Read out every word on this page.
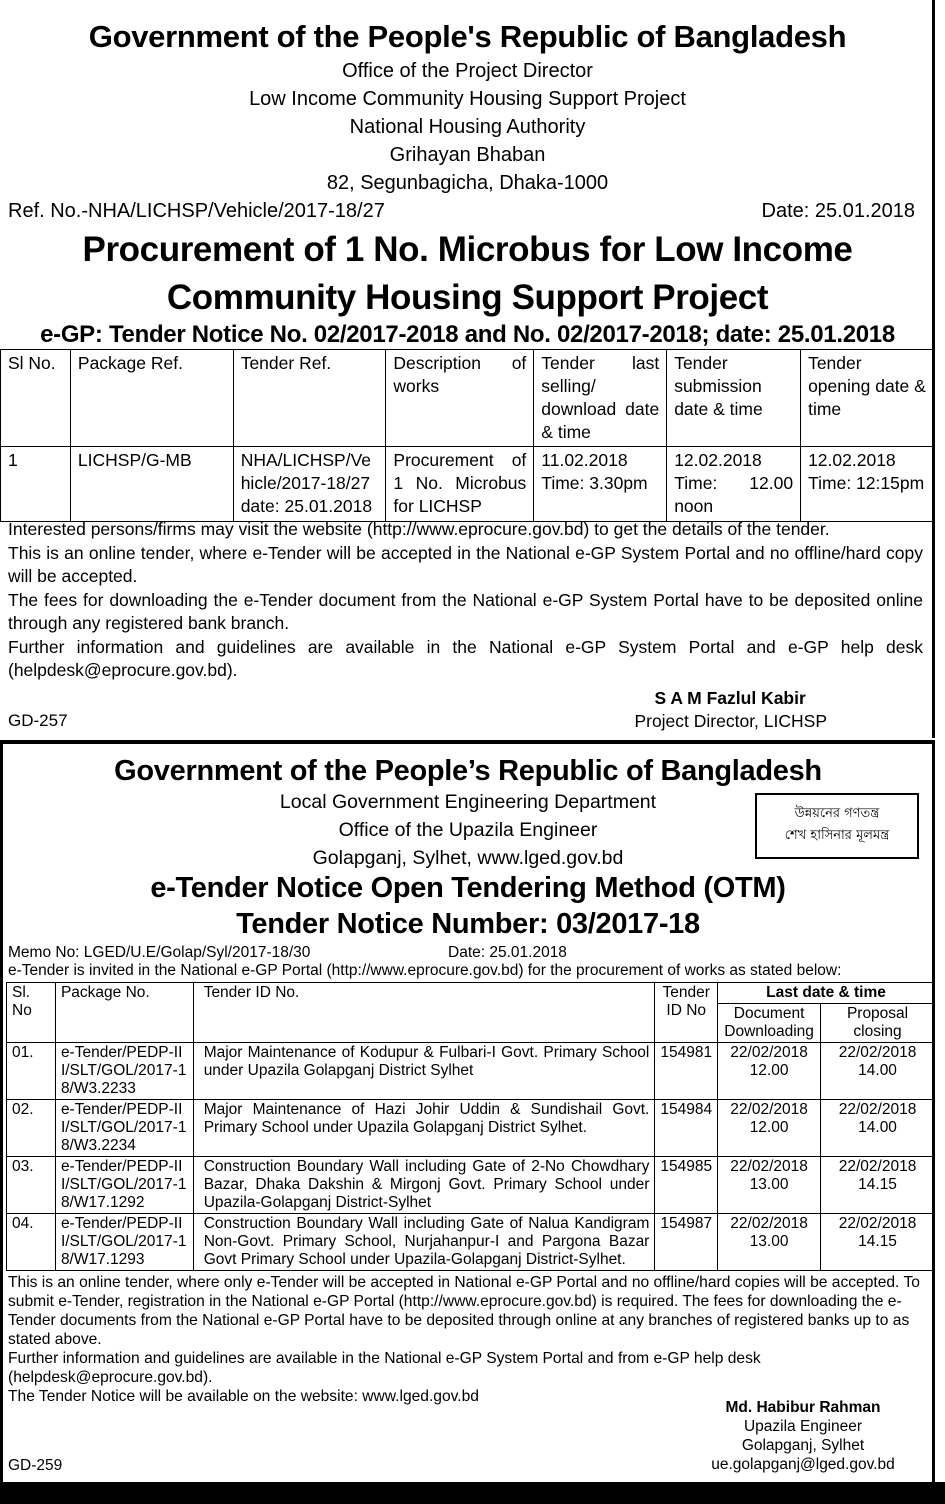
Government of the People's Republic of Bangladesh
Office of the Project Director
Low Income Community Housing Support Project
National Housing Authority
Grihayan Bhaban
82, Segunbagicha, Dhaka-1000
Ref. No.-NHA/LICHSP/Vehicle/2017-18/27	Date: 25.01.2018
Procurement of 1 No. Microbus for Low Income
Community Housing Support Project
e-GP: Tender Notice No. 02/2017-2018 and No. 02/2017-2018; date: 25.01.2018
Sl No.	Package Ref.	Tender Ref.	Description of works	Tender last selling/ download date & time	Tender submission date & time	Tender opening date & time
1	LICHSP/G-MB	NHA/LICHSP/Vehicle/2017-18/27 date: 25.01.2018	Procurement of 1 No. Microbus for LICHSP	11.02.2018 Time: 3.30pm	12.02.2018 Time: 12.00 noon	12.02.2018 Time: 12:15pm

Interested persons/firms may visit the website (http://www.eprocure.gov.bd) to get the details of the tender.

This is an online tender, where e-Tender will be accepted in the National e-GP System Portal and no offline/hard copy will be accepted.

The fees for downloading the e-Tender document from the National e-GP System Portal have to be deposited online through any registered bank branch.

Further information and guidelines are available in the National e-GP System Portal and e-GP help desk (helpdesk@eprocure.gov.bd).

S A M Fazlul Kabir
Project Director, LICHSP
GD-257
Government of the People’s Republic of Bangladesh
Local Government Engineering Department
Office of the Upazila Engineer
Golapganj, Sylhet, www.lged.gov.bd
উন্নয়নের গণতন্ত্র
শেখ হাসিনার মূলমন্ত্র
e-Tender Notice Open Tendering Method (OTM)
Tender Notice Number: 03/2017-18
Memo No: LGED/U.E/Golap/Syl/2017-18/30	Date: 25.01.2018
e-Tender is invited in the National e-GP Portal (http://www.eprocure.gov.bd) for the procurement of works as stated below:
Sl. No	Package No.	Tender ID No.	Tender ID No	Last date & time	
				Document Downloading	Proposal closing
01.	e-Tender/PEDP-III/SLT/GOL/2017-18/W3.2233	Major Maintenance of Kodupur & Fulbari-I Govt. Primary School under Upazila Golapganj District Sylhet	154981	22/02/2018 12.00	22/02/2018 14.00
02.	e-Tender/PEDP-III/SLT/GOL/2017-18/W3.2234	Major Maintenance of Hazi Johir Uddin & Sundishail Govt. Primary School under Upazila Golapganj District Sylhet.	154984	22/02/2018 12.00	22/02/2018 14.00
03.	e-Tender/PEDP-III/SLT/GOL/2017-18/W17.1292	Construction Boundary Wall including Gate of 2-No Chowdhary Bazar, Dhaka Dakshin & Mirgonj Govt. Primary School under Upazila-Golapganj District-Sylhet	154985	22/02/2018 13.00	22/02/2018 14.15
04.	e-Tender/PEDP-III/SLT/GOL/2017-18/W17.1293	Construction Boundary Wall including Gate of Nalua Kandigram Non-Govt. Primary School, Nurjahanpur-I and Pargona Bazar Govt Primary School under Upazila-Golapganj District-Sylhet.	154987	22/02/2018 13.00	22/02/2018 14.15

This is an online tender, where only e-Tender will be accepted in National e-GP Portal and no offline/hard copies will be accepted. To submit e-Tender, registration in the National e-GP Portal (http://www.eprocure.gov.bd) is required. The fees for downloading the e-Tender documents from the National e-GP Portal have to be deposited through online at any branches of registered banks up to as stated above.

Further information and guidelines are available in the National e-GP System Portal and from e-GP help desk (helpdesk@eprocure.gov.bd).

The Tender Notice will be available on the website: www.lged.gov.bd

Md. Habibur Rahman
Upazila Engineer
Golapganj, Sylhet
ue.golapganj@lged.gov.bd
GD-259
